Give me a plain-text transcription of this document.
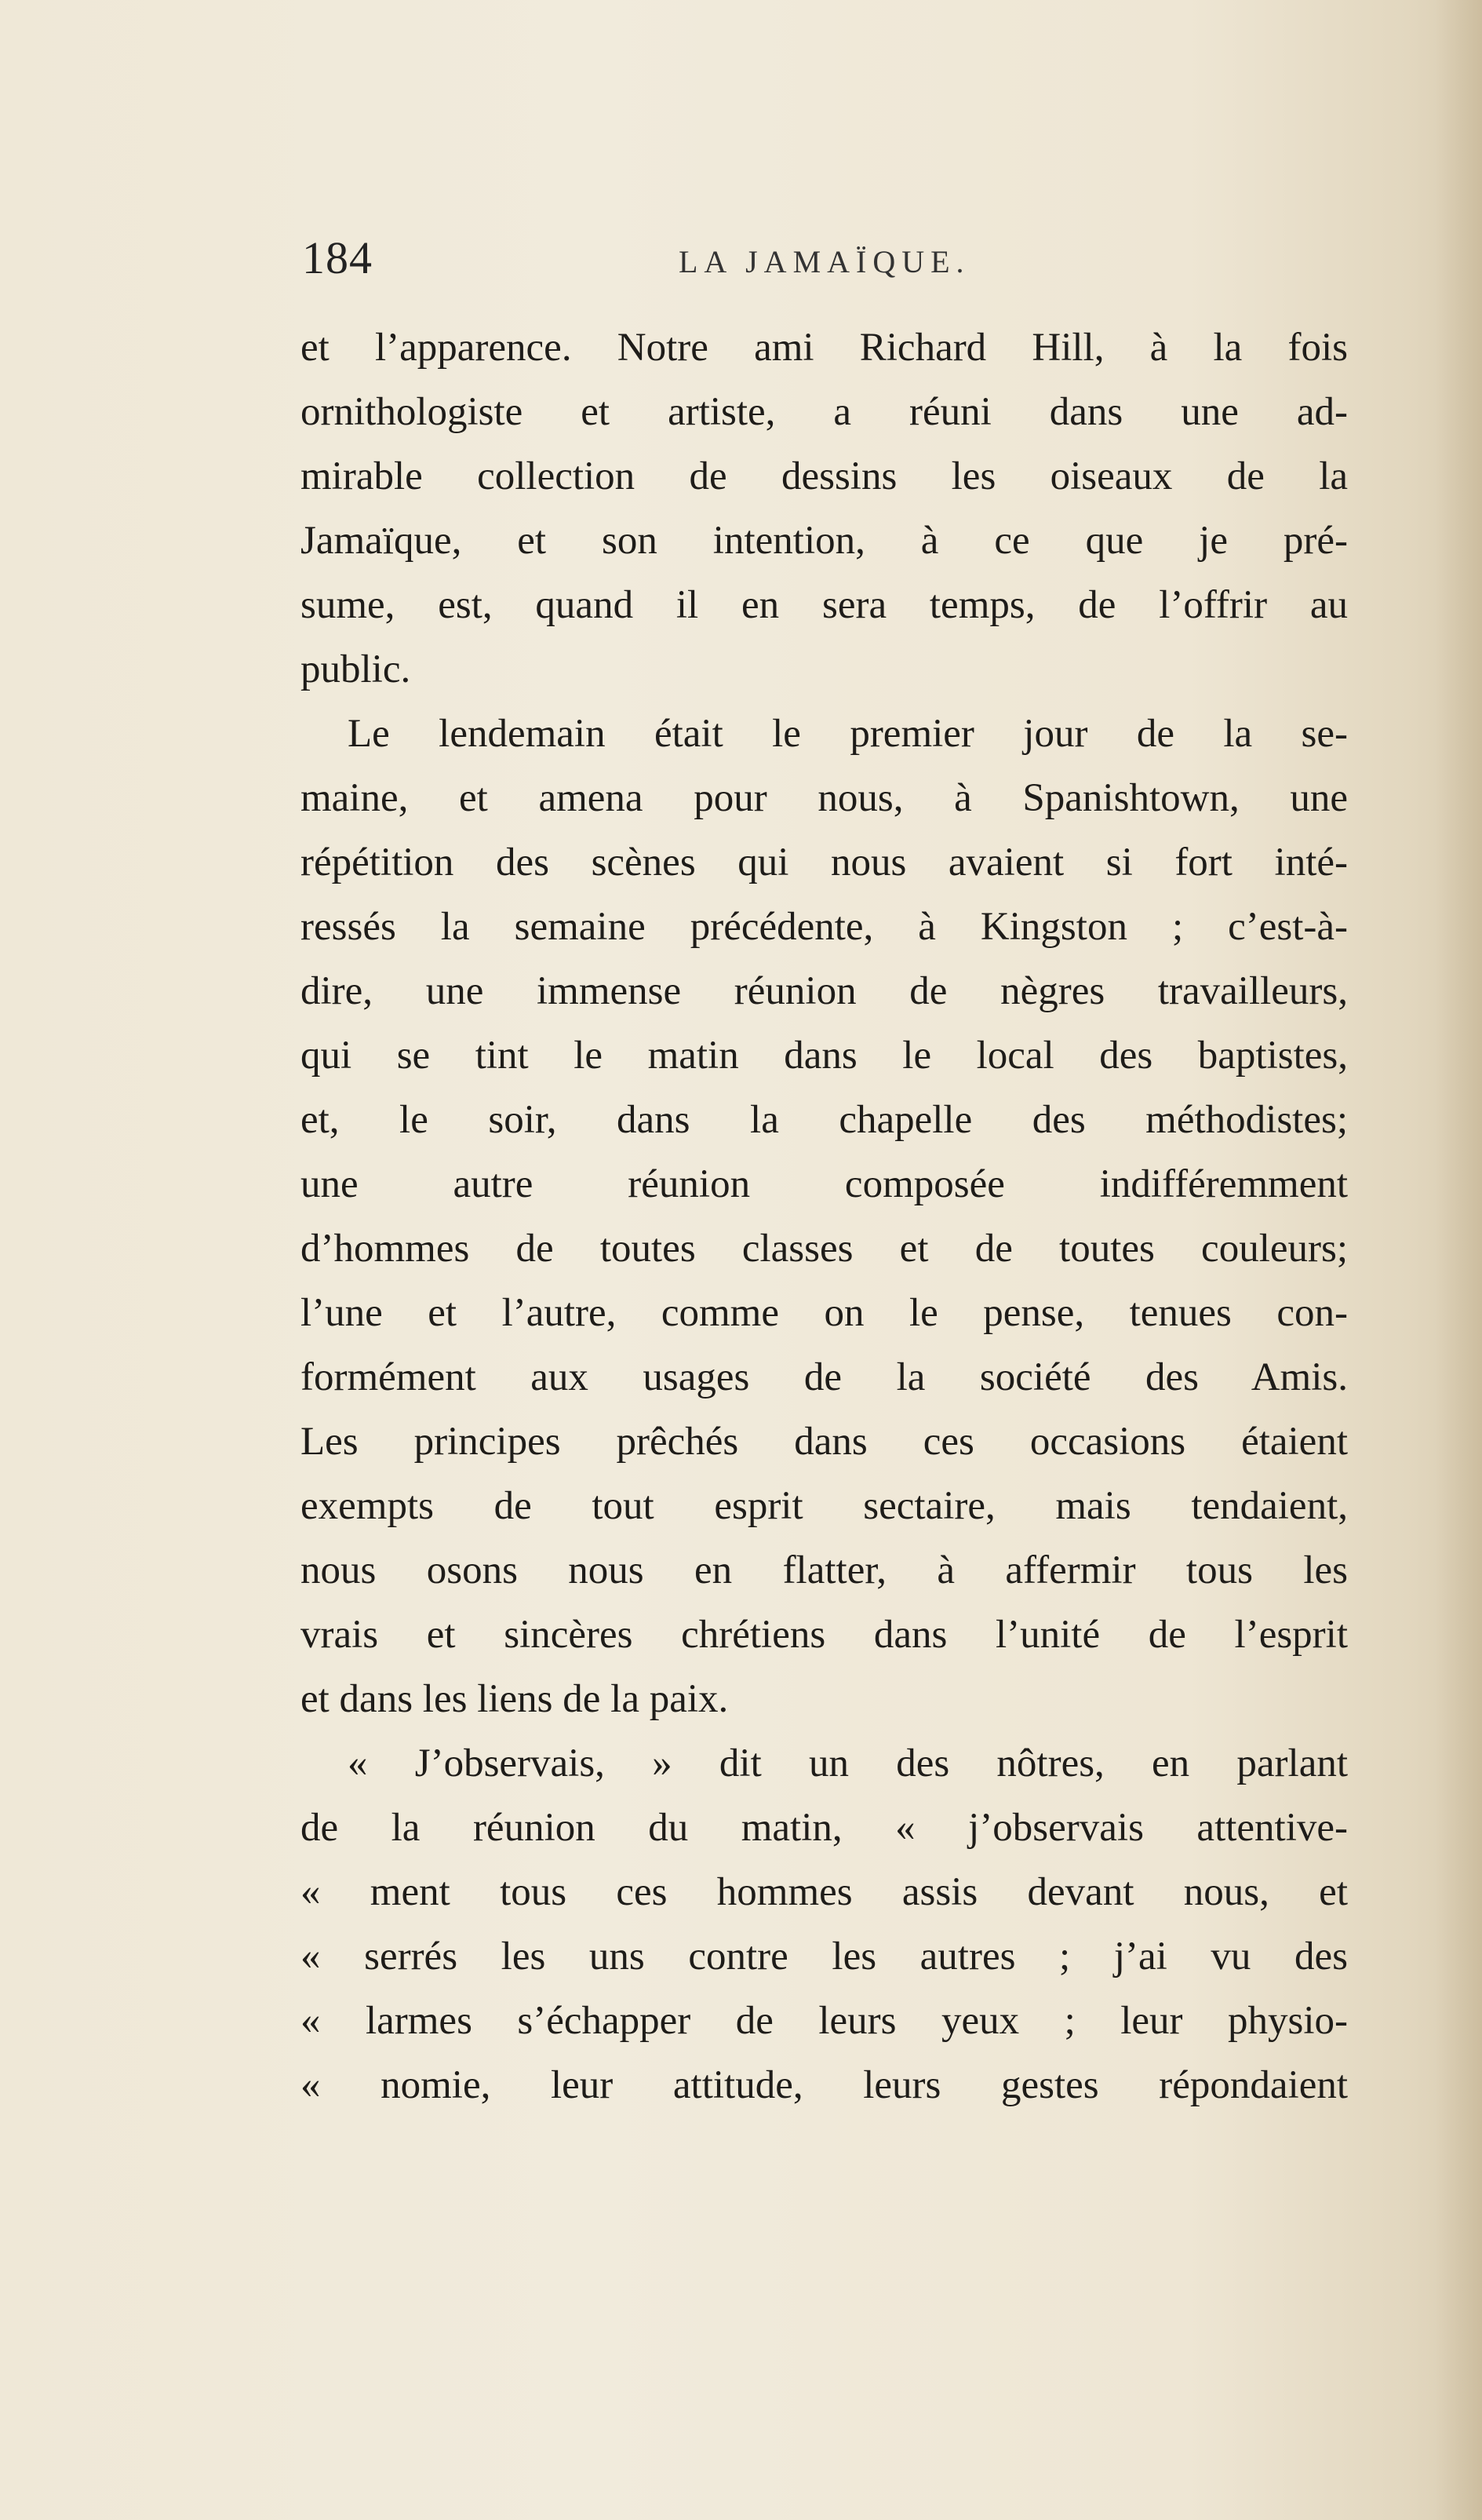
184	LA JAMAÏQUE.
et l’apparence. Notre ami Richard Hill, à la fois
ornithologiste et artiste, a réuni dans une ad-
mirable collection de dessins les oiseaux de la
Jamaïque, et son intention, à ce que je pré-
sume, est, quand il en sera temps, de l’offrir au
public.
Le lendemain était le premier jour de la se-
maine, et amena pour nous, à Spanishtown, une
répétition des scènes qui nous avaient si fort inté-
ressés la semaine précédente, à Kingston ; c’est-à-
dire, une immense réunion de nègres travailleurs,
qui se tint le matin dans le local des baptistes,
et, le soir, dans la chapelle des méthodistes;
une autre réunion composée indifféremment
d’hommes de toutes classes et de toutes couleurs;
l’une et l’autre, comme on le pense, tenues con-
formément aux usages de la société des Amis.
Les principes prêchés dans ces occasions étaient
exempts de tout esprit sectaire, mais tendaient,
nous osons nous en flatter, à affermir tous les
vrais et sincères chrétiens dans l’unité de l’esprit
et dans les liens de la paix.
« J’observais, » dit un des nôtres, en parlant
de la réunion du matin, « j’observais attentive-
« ment tous ces hommes assis devant nous, et
« serrés les uns contre les autres ; j’ai vu des
« larmes s’échapper de leurs yeux ; leur physio-
« nomie, leur attitude, leurs gestes répondaient
